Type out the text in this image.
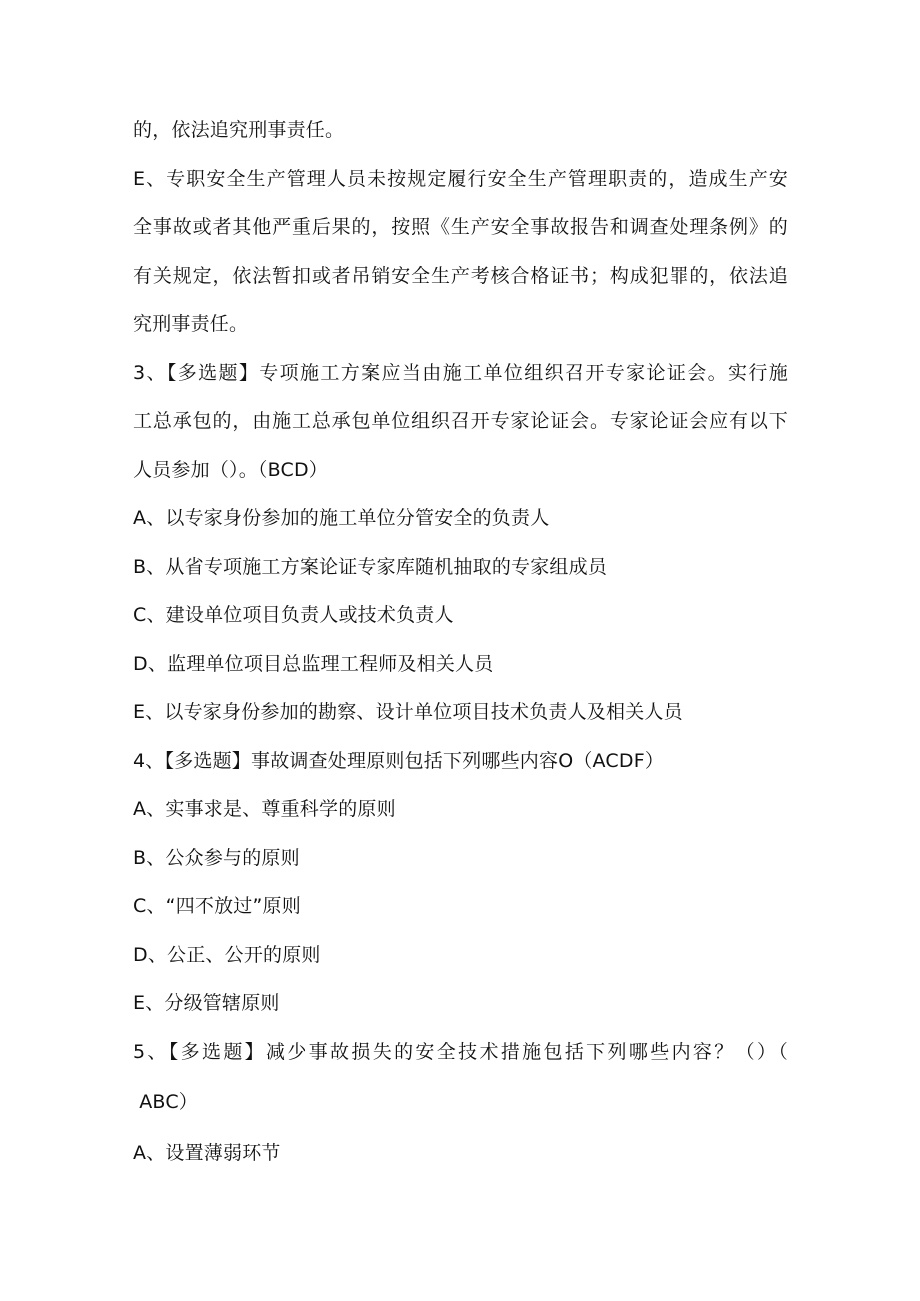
的，依法追究刑事责任。
E、专职安全生产管理人员未按规定履行安全生产管理职责的，造成生产安
全事故或者其他严重后果的，按照《生产安全事故报告和调查处理条例》的
有关规定，依法暂扣或者吊销安全生产考核合格证书；构成犯罪的，依法追
究刑事责任。
3、【多选题】专项施工方案应当由施工单位组织召开专家论证会。实行施
工总承包的，由施工总承包单位组织召开专家论证会。专家论证会应有以下
人员参加（）。（BCD）
A、以专家身份参加的施工单位分管安全的负责人
B、从省专项施工方案论证专家库随机抽取的专家组成员
C、建设单位项目负责人或技术负责人
D、监理单位项目总监理工程师及相关人员
E、以专家身份参加的勘察、设计单位项目技术负责人及相关人员
4、【多选题】事故调查处理原则包括下列哪些内容O（ACDF）
A、实事求是、尊重科学的原则
B、公众参与的原则
C、“四不放过”原则
D、公正、公开的原则
E、分级管辖原则
5、【多选题】减少事故损失的安全技术措施包括下列哪些内容？（）（
ABC）
A、设置薄弱环节
